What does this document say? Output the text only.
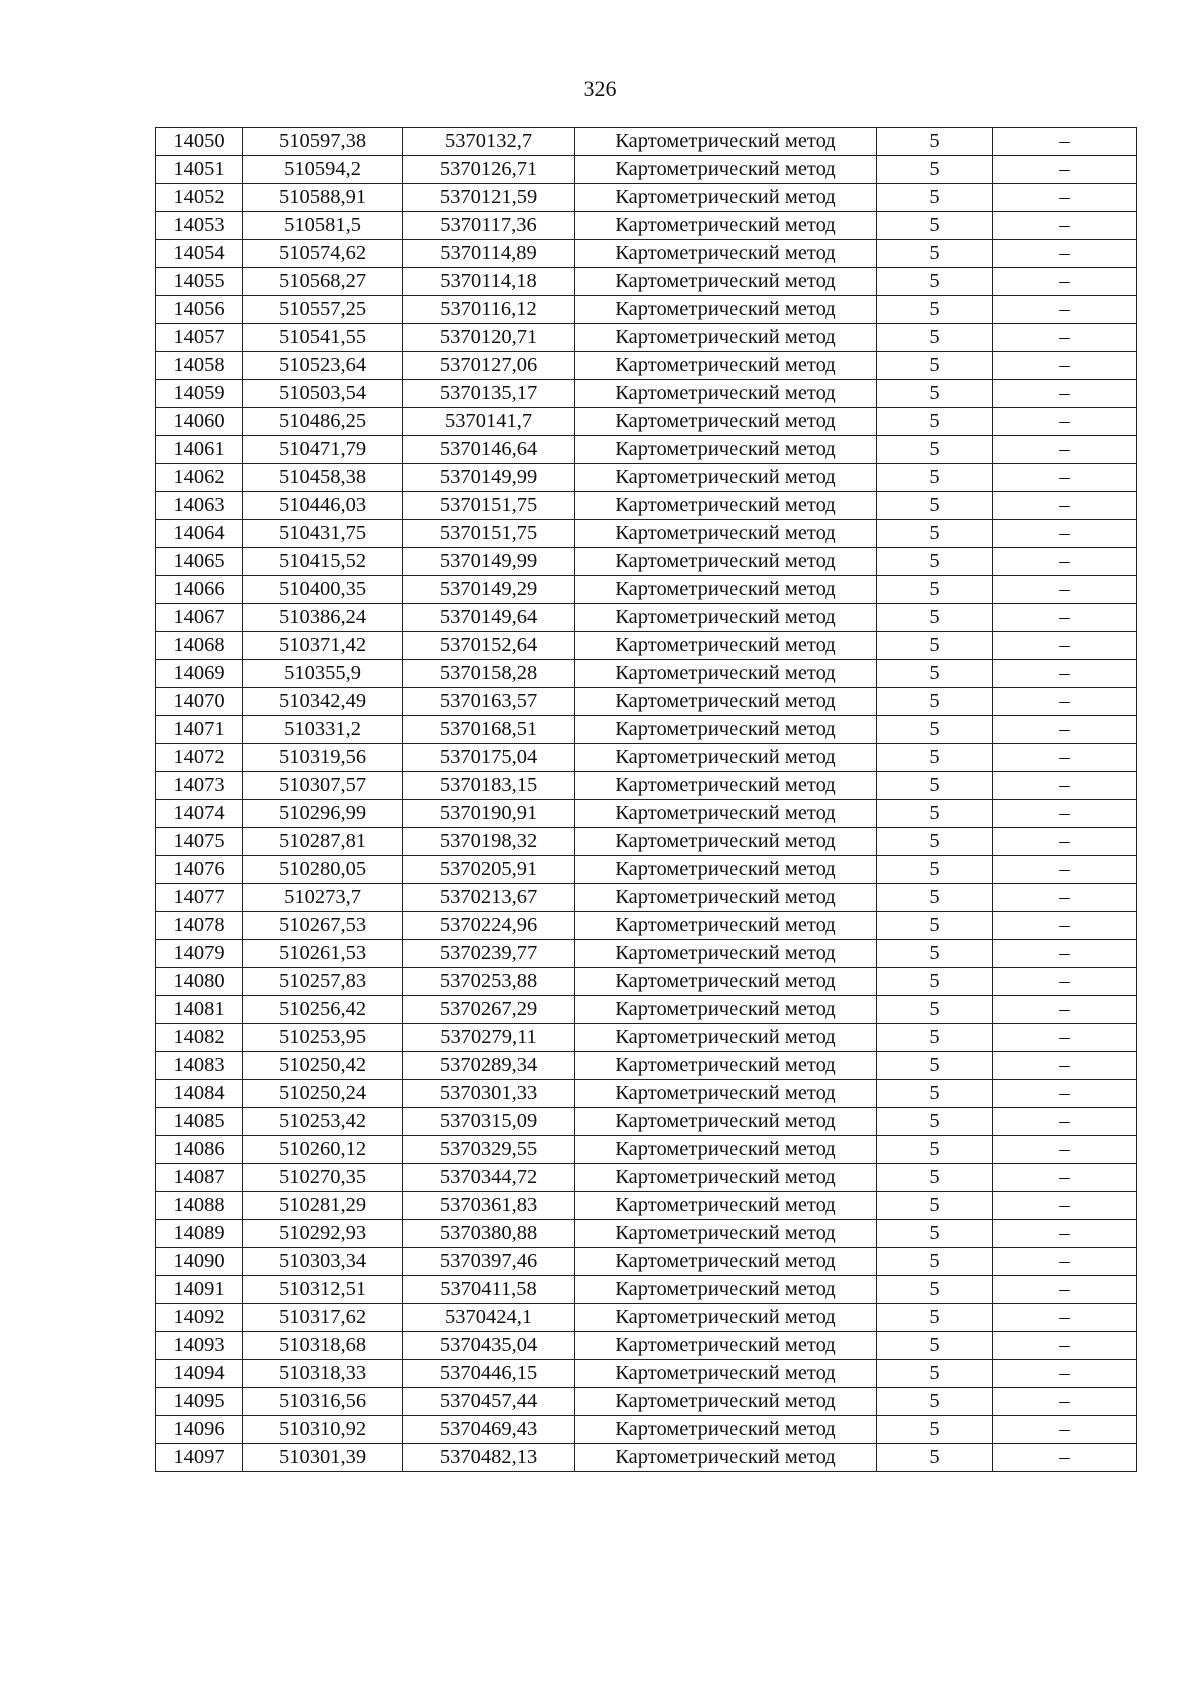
326
14050	510597,38	5370132,7	Картометрический метод	5	–
14051	510594,2	5370126,71	Картометрический метод	5	–
14052	510588,91	5370121,59	Картометрический метод	5	–
14053	510581,5	5370117,36	Картометрический метод	5	–
14054	510574,62	5370114,89	Картометрический метод	5	–
14055	510568,27	5370114,18	Картометрический метод	5	–
14056	510557,25	5370116,12	Картометрический метод	5	–
14057	510541,55	5370120,71	Картометрический метод	5	–
14058	510523,64	5370127,06	Картометрический метод	5	–
14059	510503,54	5370135,17	Картометрический метод	5	–
14060	510486,25	5370141,7	Картометрический метод	5	–
14061	510471,79	5370146,64	Картометрический метод	5	–
14062	510458,38	5370149,99	Картометрический метод	5	–
14063	510446,03	5370151,75	Картометрический метод	5	–
14064	510431,75	5370151,75	Картометрический метод	5	–
14065	510415,52	5370149,99	Картометрический метод	5	–
14066	510400,35	5370149,29	Картометрический метод	5	–
14067	510386,24	5370149,64	Картометрический метод	5	–
14068	510371,42	5370152,64	Картометрический метод	5	–
14069	510355,9	5370158,28	Картометрический метод	5	–
14070	510342,49	5370163,57	Картометрический метод	5	–
14071	510331,2	5370168,51	Картометрический метод	5	–
14072	510319,56	5370175,04	Картометрический метод	5	–
14073	510307,57	5370183,15	Картометрический метод	5	–
14074	510296,99	5370190,91	Картометрический метод	5	–
14075	510287,81	5370198,32	Картометрический метод	5	–
14076	510280,05	5370205,91	Картометрический метод	5	–
14077	510273,7	5370213,67	Картометрический метод	5	–
14078	510267,53	5370224,96	Картометрический метод	5	–
14079	510261,53	5370239,77	Картометрический метод	5	–
14080	510257,83	5370253,88	Картометрический метод	5	–
14081	510256,42	5370267,29	Картометрический метод	5	–
14082	510253,95	5370279,11	Картометрический метод	5	–
14083	510250,42	5370289,34	Картометрический метод	5	–
14084	510250,24	5370301,33	Картометрический метод	5	–
14085	510253,42	5370315,09	Картометрический метод	5	–
14086	510260,12	5370329,55	Картометрический метод	5	–
14087	510270,35	5370344,72	Картометрический метод	5	–
14088	510281,29	5370361,83	Картометрический метод	5	–
14089	510292,93	5370380,88	Картометрический метод	5	–
14090	510303,34	5370397,46	Картометрический метод	5	–
14091	510312,51	5370411,58	Картометрический метод	5	–
14092	510317,62	5370424,1	Картометрический метод	5	–
14093	510318,68	5370435,04	Картометрический метод	5	–
14094	510318,33	5370446,15	Картометрический метод	5	–
14095	510316,56	5370457,44	Картометрический метод	5	–
14096	510310,92	5370469,43	Картометрический метод	5	–
14097	510301,39	5370482,13	Картометрический метод	5	–
